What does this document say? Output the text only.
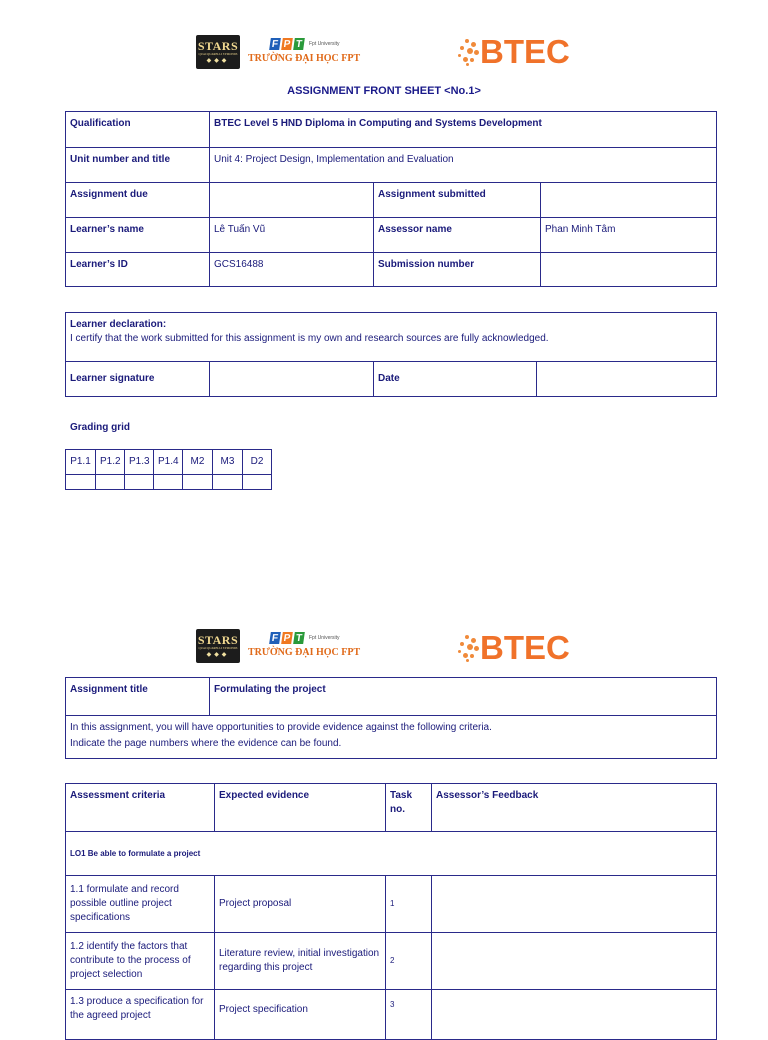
STARS
QUACQUARELLI SYMONDS
◆◆◆
F P T	Fpt University
TRƯỜNG ĐẠI HỌC FPT	BTEC
ASSIGNMENT FRONT SHEET <No.1>
Qualification	BTEC Level 5 HND Diploma in Computing and Systems Development		
Unit number and title	Unit 4: Project Design, Implementation and Evaluation		
Assignment due		Assignment submitted	
Learner’s name	Lê Tuấn Vũ	Assessor name	Phan Minh Tâm
Learner’s ID	GCS16488	Submission number	
Learner declaration:
I certify that the work submitted for this assignment is my own and research sources are fully acknowledged.

Learner signature		Date	
Grading grid
P1.1	P1.2	P1.3	P1.4	M2	M3	D2

STARS
QUACQUARELLI SYMONDS
◆◆◆
F P T	Fpt University
TRƯỜNG ĐẠI HỌC FPT	BTEC
Assignment title	Formulating the project

In this assignment, you will have opportunities to provide evidence against the following criteria.
Indicate the page numbers where the evidence can be found.
Assessment criteria	Expected evidence	Task no.	Assessor’s Feedback
LO1 Be able to formulate a project			
1.1 formulate and record possible outline project specifications	Project proposal	1	
1.2 identify the factors that contribute to the process of project selection	Literature review, initial investigation regarding this project	2	
1.3 produce a specification for the agreed project	Project specification	3	
